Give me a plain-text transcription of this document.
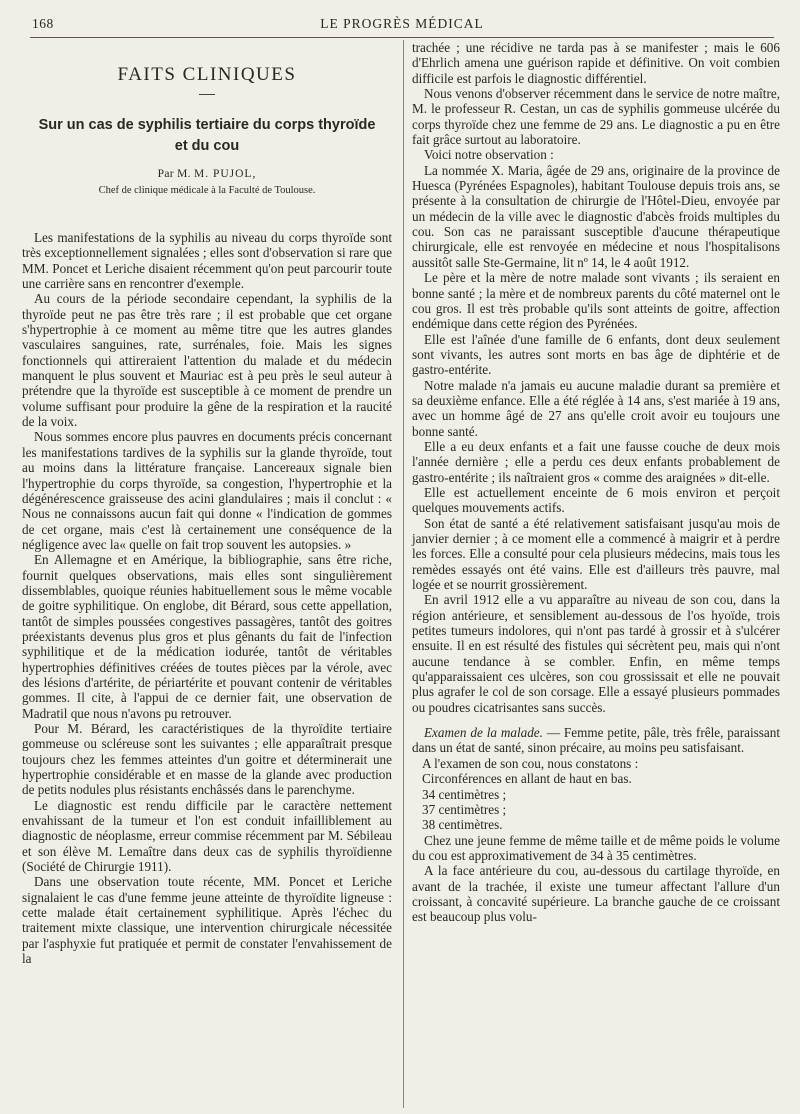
168	LE PROGRÈS MÉDICAL
FAITS CLINIQUES
Sur un cas de syphilis tertiaire du corps thyroïde
et du cou
Par M. M. PUJOL,
Chef de clinique médicale à la Faculté de Toulouse.

Les manifestations de la syphilis au niveau du corps thyroïde sont très exceptionnellement signalées ; elles sont d'observation si rare que MM. Poncet et Leriche disaient récemment qu'on peut parcourir toute une carrière sans en rencontrer d'exemple.

Au cours de la période secondaire cependant, la syphilis de la thyroïde peut ne pas être très rare ; il est probable que cet organe s'hypertrophie à ce moment au même titre que les autres glandes vasculaires sanguines, rate, surrénales, foie. Mais les signes fonctionnels qui attireraient l'attention du malade et du médecin manquent le plus souvent et Mauriac est à peu près le seul auteur à prétendre que la thyroïde est susceptible à ce moment de prendre un volume suffisant pour produire la gêne de la respiration et la raucité de la voix.

Nous sommes encore plus pauvres en documents précis concernant les manifestations tardives de la syphilis sur la glande thyroïde, tout au moins dans la littérature française. Lancereaux signale bien l'hypertrophie du corps thyroïde, sa congestion, l'hypertrophie et la dégénérescence graisseuse des acini glandulaires ; mais il conclut : « Nous ne connaissons aucun fait qui donne « l'indication de gommes de cet organe, mais c'est là certainement une conséquence de la négligence avec la« quelle on fait trop souvent les autopsies. »

En Allemagne et en Amérique, la bibliographie, sans être riche, fournit quelques observations, mais elles sont singulièrement dissemblables, quoique réunies habituellement sous le même vocable de goitre syphilitique. On englobe, dit Bérard, sous cette appellation, tantôt de simples poussées congestives passagères, tantôt des goitres préexistants devenus plus gros et plus gênants du fait de l'infection syphilitique et de la médication iodurée, tantôt de véritables hypertrophies définitives créées de toutes pièces par la vérole, avec des lésions d'artérite, de périartérite et pouvant contenir de véritables gommes. Il cite, à l'appui de ce dernier fait, une observation de Madratil que nous n'avons pu retrouver.

Pour M. Bérard, les caractéristiques de la thyroïdite tertiaire gommeuse ou scléreuse sont les suivantes ; elle apparaîtrait presque toujours chez les femmes atteintes d'un goitre et déterminerait une hypertrophie considérable et en masse de la glande avec production de petits nodules plus résistants enchâssés dans le parenchyme.

Le diagnostic est rendu difficile par le caractère nettement envahissant de la tumeur et l'on est conduit infailliblement au diagnostic de néoplasme, erreur commise récemment par M. Sébileau et son élève M. Lemaître dans deux cas de syphilis thyroïdienne (Société de Chirurgie 1911).

Dans une observation toute récente, MM. Poncet et Leriche signalaient le cas d'une femme jeune atteinte de thyroïdite ligneuse : cette malade était certainement syphilitique. Après l'échec du traitement mixte classique, une intervention chirurgicale nécessitée par l'asphyxie fut pratiquée et permit de constater l'envahissement de la

trachée ; une récidive ne tarda pas à se manifester ; mais le 606 d'Ehrlich amena une guérison rapide et définitive. On voit combien difficile est parfois le diagnostic différentiel.

Nous venons d'observer récemment dans le service de notre maître, M. le professeur R. Cestan, un cas de syphilis gommeuse ulcérée du corps thyroïde chez une femme de 29 ans. Le diagnostic a pu en être fait grâce surtout au laboratoire.

Voici notre observation :

La nommée X. Maria, âgée de 29 ans, originaire de la province de Huesca (Pyrénées Espagnoles), habitant Toulouse depuis trois ans, se présente à la consultation de chirurgie de l'Hôtel-Dieu, envoyée par un médecin de la ville avec le diagnostic d'abcès froids multiples du cou. Son cas ne paraissant susceptible d'aucune thérapeutique chirurgicale, elle est renvoyée en médecine et nous l'hospitalisons aussitôt salle Ste-Germaine, lit nº 14, le 4 août 1912.

Le père et la mère de notre malade sont vivants ; ils seraient en bonne santé ; la mère et de nombreux parents du côté maternel ont le cou gros. Il est très probable qu'ils sont atteints de goitre, affection endémique dans cette région des Pyrénées.

Elle est l'aînée d'une famille de 6 enfants, dont deux seulement sont vivants, les autres sont morts en bas âge de diphtérie et de gastro-entérite.

Notre malade n'a jamais eu aucune maladie durant sa première et sa deuxième enfance. Elle a été réglée à 14 ans, s'est mariée à 19 ans, avec un homme âgé de 27 ans qu'elle croit avoir eu toujours une bonne santé.

Elle a eu deux enfants et a fait une fausse couche de deux mois l'année dernière ; elle a perdu ces deux enfants probablement de gastro-entérite ; ils naîtraient gros « comme des araignées » dit-elle.

Elle est actuellement enceinte de 6 mois environ et perçoit quelques mouvements actifs.

Son état de santé a été relativement satisfaisant jusqu'au mois de janvier dernier ; à ce moment elle a commencé à maigrir et à perdre les forces. Elle a consulté pour cela plusieurs médecins, mais tous les remèdes essayés ont été vains. Elle est d'ailleurs très pauvre, mal logée et se nourrit grossièrement.

En avril 1912 elle a vu apparaître au niveau de son cou, dans la région antérieure, et sensiblement au-dessous de l'os hyoïde, trois petites tumeurs indolores, qui n'ont pas tardé à grossir et à s'ulcérer ensuite. Il en est résulté des fistules qui sécrètent peu, mais qui n'ont aucune tendance à se combler. Enfin, en même temps qu'apparaissaient ces ulcères, son cou grossissait et elle ne pouvait plus agrafer le col de son corsage. Elle a essayé plusieurs pommades ou poudres cicatrisantes sans succès.

Examen de la malade. — Femme petite, pâle, très frêle, paraissant dans un état de santé, sinon précaire, au moins peu satisfaisant.

A l'examen de son cou, nous constatons :

Circonférences en allant de haut en bas.

34 centimètres ;

37 centimètres ;

38 centimètres.

Chez une jeune femme de même taille et de même poids le volume du cou est approximativement de 34 à 35 centimètres.

A la face antérieure du cou, au-dessous du cartilage thyroïde, en avant de la trachée, il existe une tumeur affectant l'allure d'un croissant, à concavité supérieure. La branche gauche de ce croissant est beaucoup plus volu-
